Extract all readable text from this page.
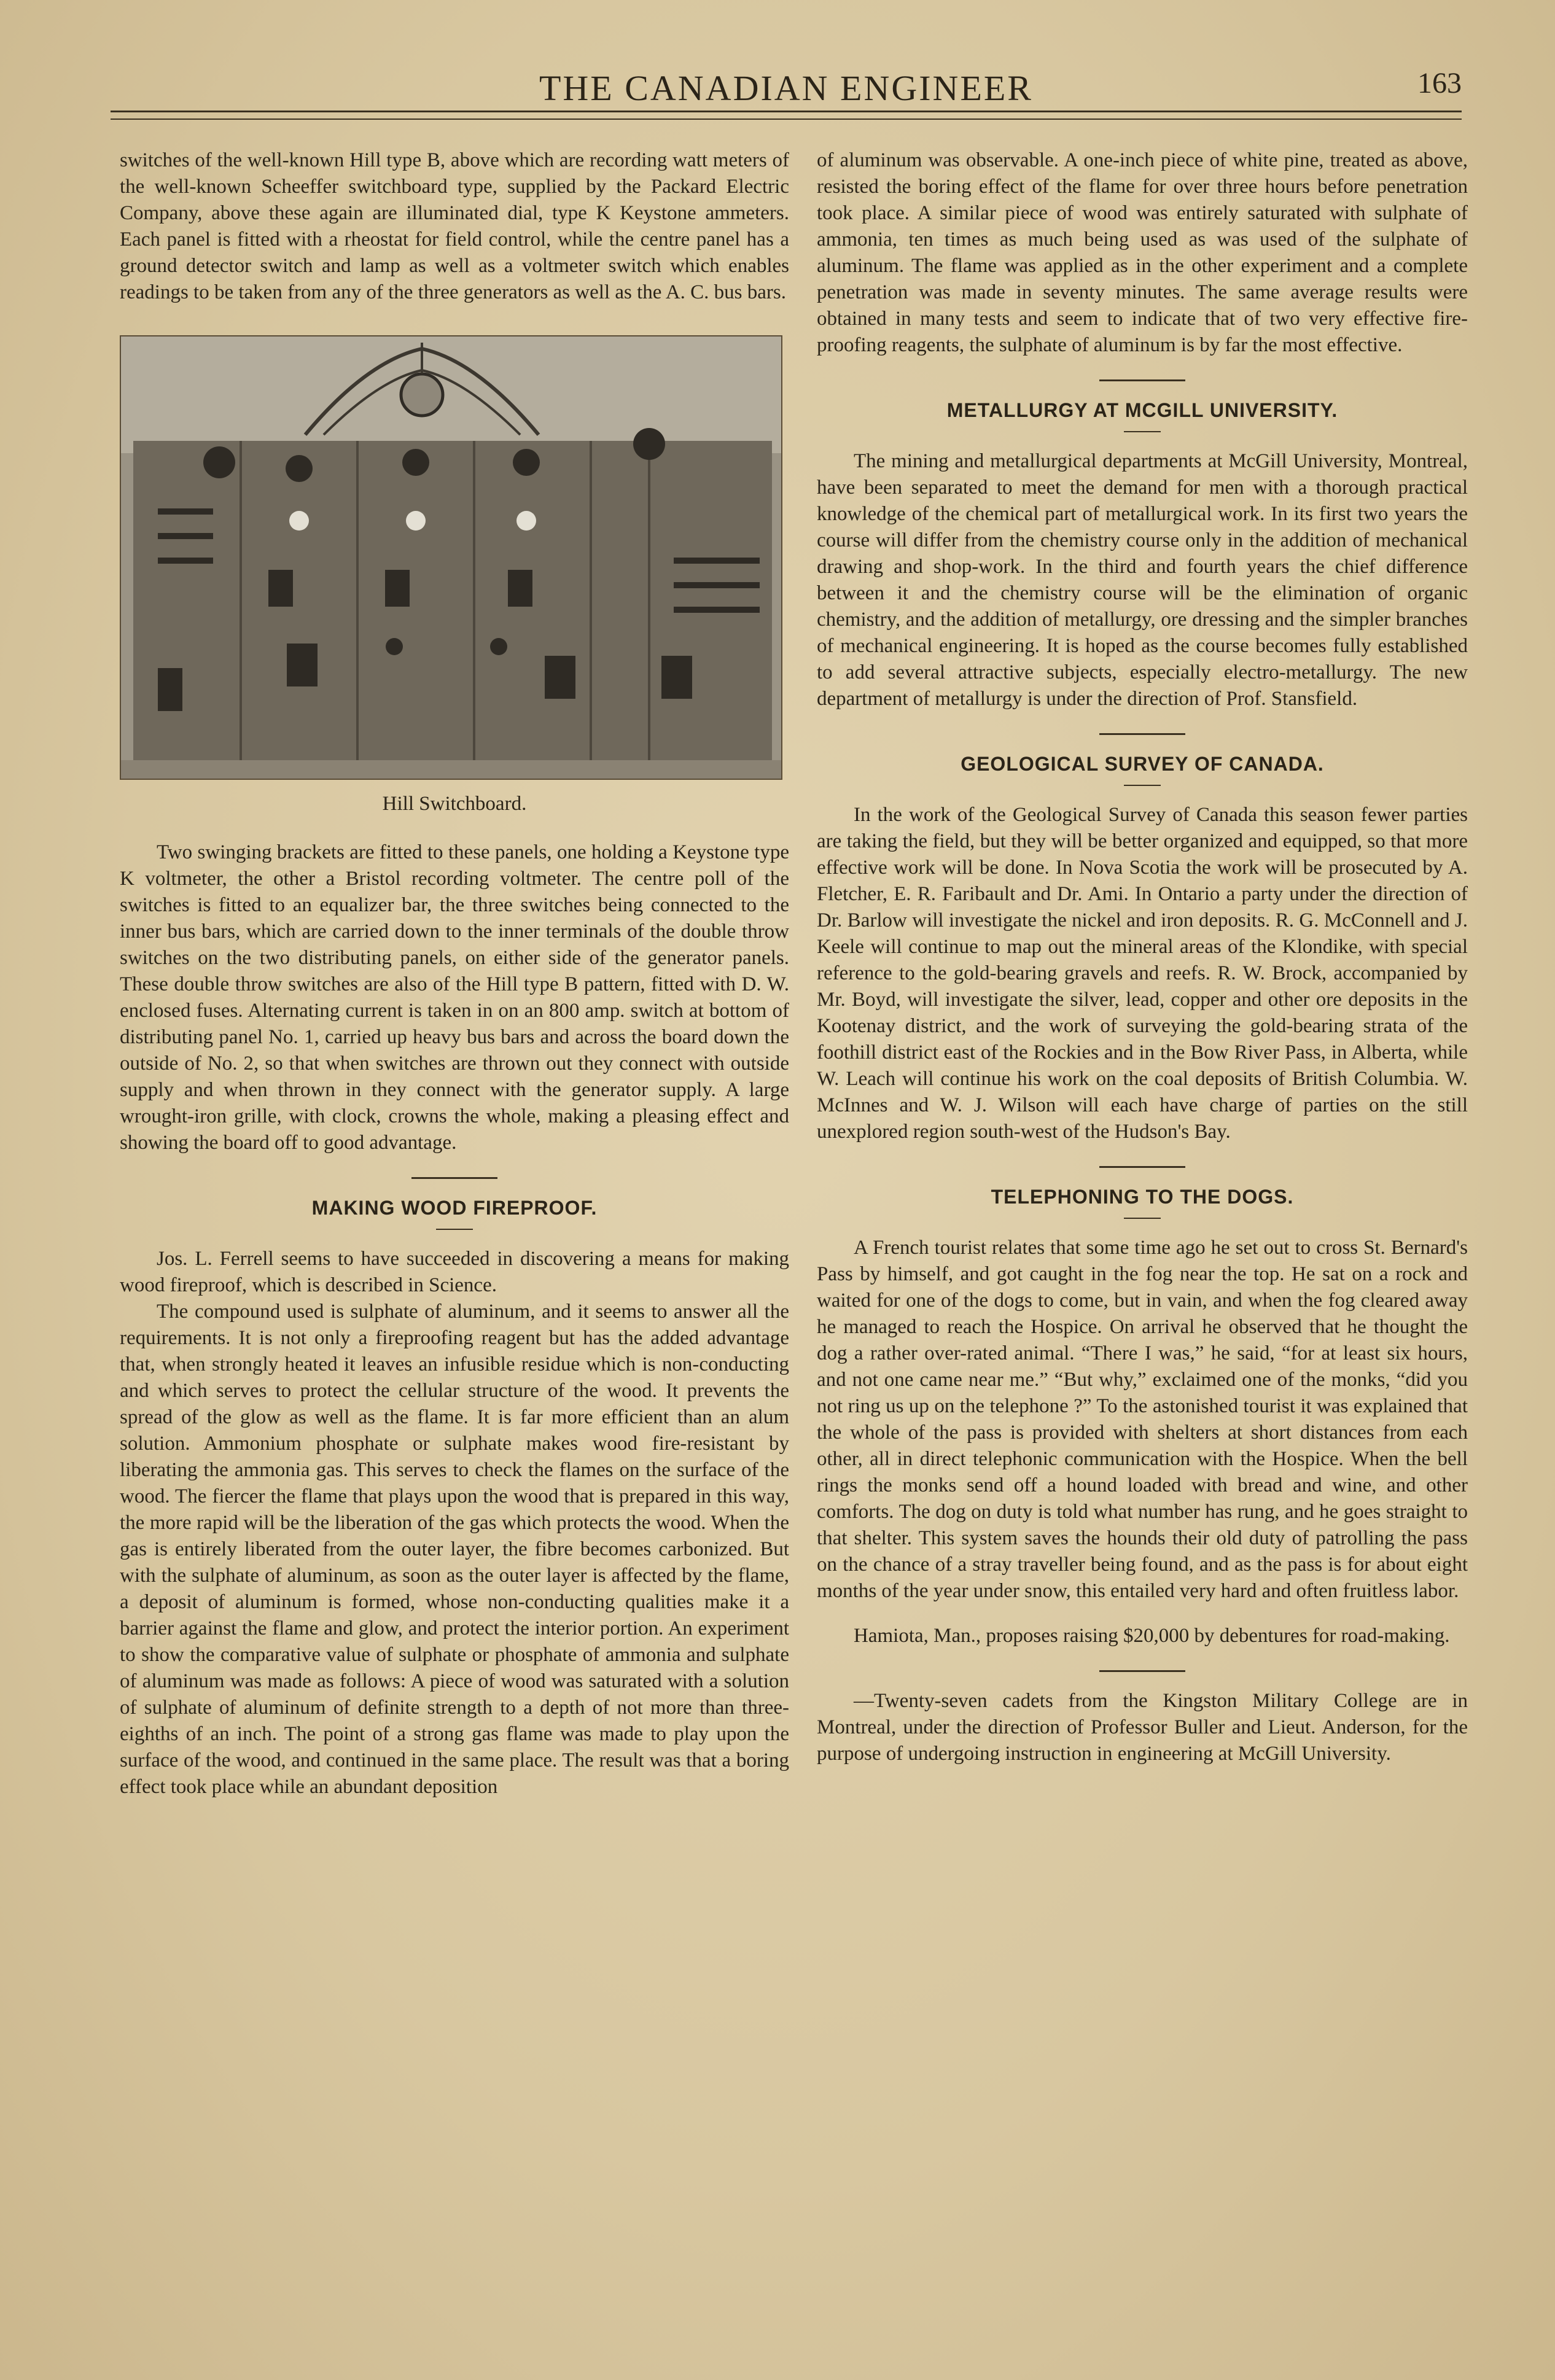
THE CANADIAN ENGINEER	163

switches of the well-known Hill type B, above which are recording watt meters of the well-known Scheeffer switchboard type, supplied by the Packard Electric Company, above these again are illuminated dial, type K Keystone ammeters. Each panel is fitted with a rheostat for field control, while the centre panel has a ground detector switch and lamp as well as a voltmeter switch which enables readings to be taken from any of the three generators as well as the A. C. bus bars.

Hill Switchboard.

Two swinging brackets are fitted to these panels, one holding a Keystone type K voltmeter, the other a Bristol recording voltmeter. The centre poll of the switches is fitted to an equalizer bar, the three switches being connected to the inner bus bars, which are carried down to the inner terminals of the double throw switches on the two distributing panels, on either side of the generator panels. These double throw switches are also of the Hill type B pattern, fitted with D. W. enclosed fuses. Alternating current is taken in on an 800 amp. switch at bottom of distributing panel No. 1, carried up heavy bus bars and across the board down the outside of No. 2, so that when switches are thrown out they connect with outside supply and when thrown in they connect with the generator supply. A large wrought-iron grille, with clock, crowns the whole, making a pleasing effect and showing the board off to good advantage.

MAKING WOOD FIREPROOF.

Jos. L. Ferrell seems to have succeeded in discovering a means for making wood fireproof, which is described in Science.

The compound used is sulphate of aluminum, and it seems to answer all the requirements. It is not only a fireproofing reagent but has the added advantage that, when strongly heated it leaves an infusible residue which is non-conducting and which serves to protect the cellular structure of the wood. It prevents the spread of the glow as well as the flame. It is far more efficient than an alum solution. Ammonium phosphate or sulphate makes wood fire-resistant by liberating the ammonia gas. This serves to check the flames on the surface of the wood. The fiercer the flame that plays upon the wood that is prepared in this way, the more rapid will be the liberation of the gas which protects the wood. When the gas is entirely liberated from the outer layer, the fibre becomes carbonized. But with the sulphate of aluminum, as soon as the outer layer is affected by the flame, a deposit of aluminum is formed, whose non-conducting qualities make it a barrier against the flame and glow, and protect the interior portion. An experiment to show the comparative value of sulphate or phosphate of ammonia and sulphate of aluminum was made as follows: A piece of wood was saturated with a solution of sulphate of aluminum of definite strength to a depth of not more than three-eighths of an inch. The point of a strong gas flame was made to play upon the surface of the wood, and continued in the same place. The result was that a boring effect took place while an abundant deposition

of aluminum was observable. A one-inch piece of white pine, treated as above, resisted the boring effect of the flame for over three hours before penetration took place. A similar piece of wood was entirely saturated with sulphate of ammonia, ten times as much being used as was used of the sulphate of aluminum. The flame was applied as in the other experiment and a complete penetration was made in seventy minutes. The same average results were obtained in many tests and seem to indicate that of two very effective fire-proofing reagents, the sulphate of aluminum is by far the most effective.

METALLURGY AT MCGILL UNIVERSITY.

The mining and metallurgical departments at McGill University, Montreal, have been separated to meet the demand for men with a thorough practical knowledge of the chemical part of metallurgical work. In its first two years the course will differ from the chemistry course only in the addition of mechanical drawing and shop-work. In the third and fourth years the chief difference between it and the chemistry course will be the elimination of organic chemistry, and the addition of metallurgy, ore dressing and the simpler branches of mechanical engineering. It is hoped as the course becomes fully established to add several attractive subjects, especially electro-metallurgy. The new department of metallurgy is under the direction of Prof. Stansfield.

GEOLOGICAL SURVEY OF CANADA.

In the work of the Geological Survey of Canada this season fewer parties are taking the field, but they will be better organized and equipped, so that more effective work will be done. In Nova Scotia the work will be prosecuted by A. Fletcher, E. R. Faribault and Dr. Ami. In Ontario a party under the direction of Dr. Barlow will investigate the nickel and iron deposits. R. G. McConnell and J. Keele will continue to map out the mineral areas of the Klondike, with special reference to the gold-bearing gravels and reefs. R. W. Brock, accompanied by Mr. Boyd, will investigate the silver, lead, copper and other ore deposits in the Kootenay district, and the work of surveying the gold-bearing strata of the foothill district east of the Rockies and in the Bow River Pass, in Alberta, while W. Leach will continue his work on the coal deposits of British Columbia. W. McInnes and W. J. Wilson will each have charge of parties on the still unexplored region south-west of the Hudson's Bay.

TELEPHONING TO THE DOGS.

A French tourist relates that some time ago he set out to cross St. Bernard's Pass by himself, and got caught in the fog near the top. He sat on a rock and waited for one of the dogs to come, but in vain, and when the fog cleared away he managed to reach the Hospice. On arrival he observed that he thought the dog a rather over-rated animal. “There I was,” he said, “for at least six hours, and not one came near me.” “But why,” exclaimed one of the monks, “did you not ring us up on the telephone ?” To the astonished tourist it was explained that the whole of the pass is provided with shelters at short distances from each other, all in direct telephonic communication with the Hospice. When the bell rings the monks send off a hound loaded with bread and wine, and other comforts. The dog on duty is told what number has rung, and he goes straight to that shelter. This system saves the hounds their old duty of patrolling the pass on the chance of a stray traveller being found, and as the pass is for about eight months of the year under snow, this entailed very hard and often fruitless labor.

Hamiota, Man., proposes raising $20,000 by debentures for road-making.

—Twenty-seven cadets from the Kingston Military College are in Montreal, under the direction of Professor Buller and Lieut. Anderson, for the purpose of undergoing instruction in engineering at McGill University.
